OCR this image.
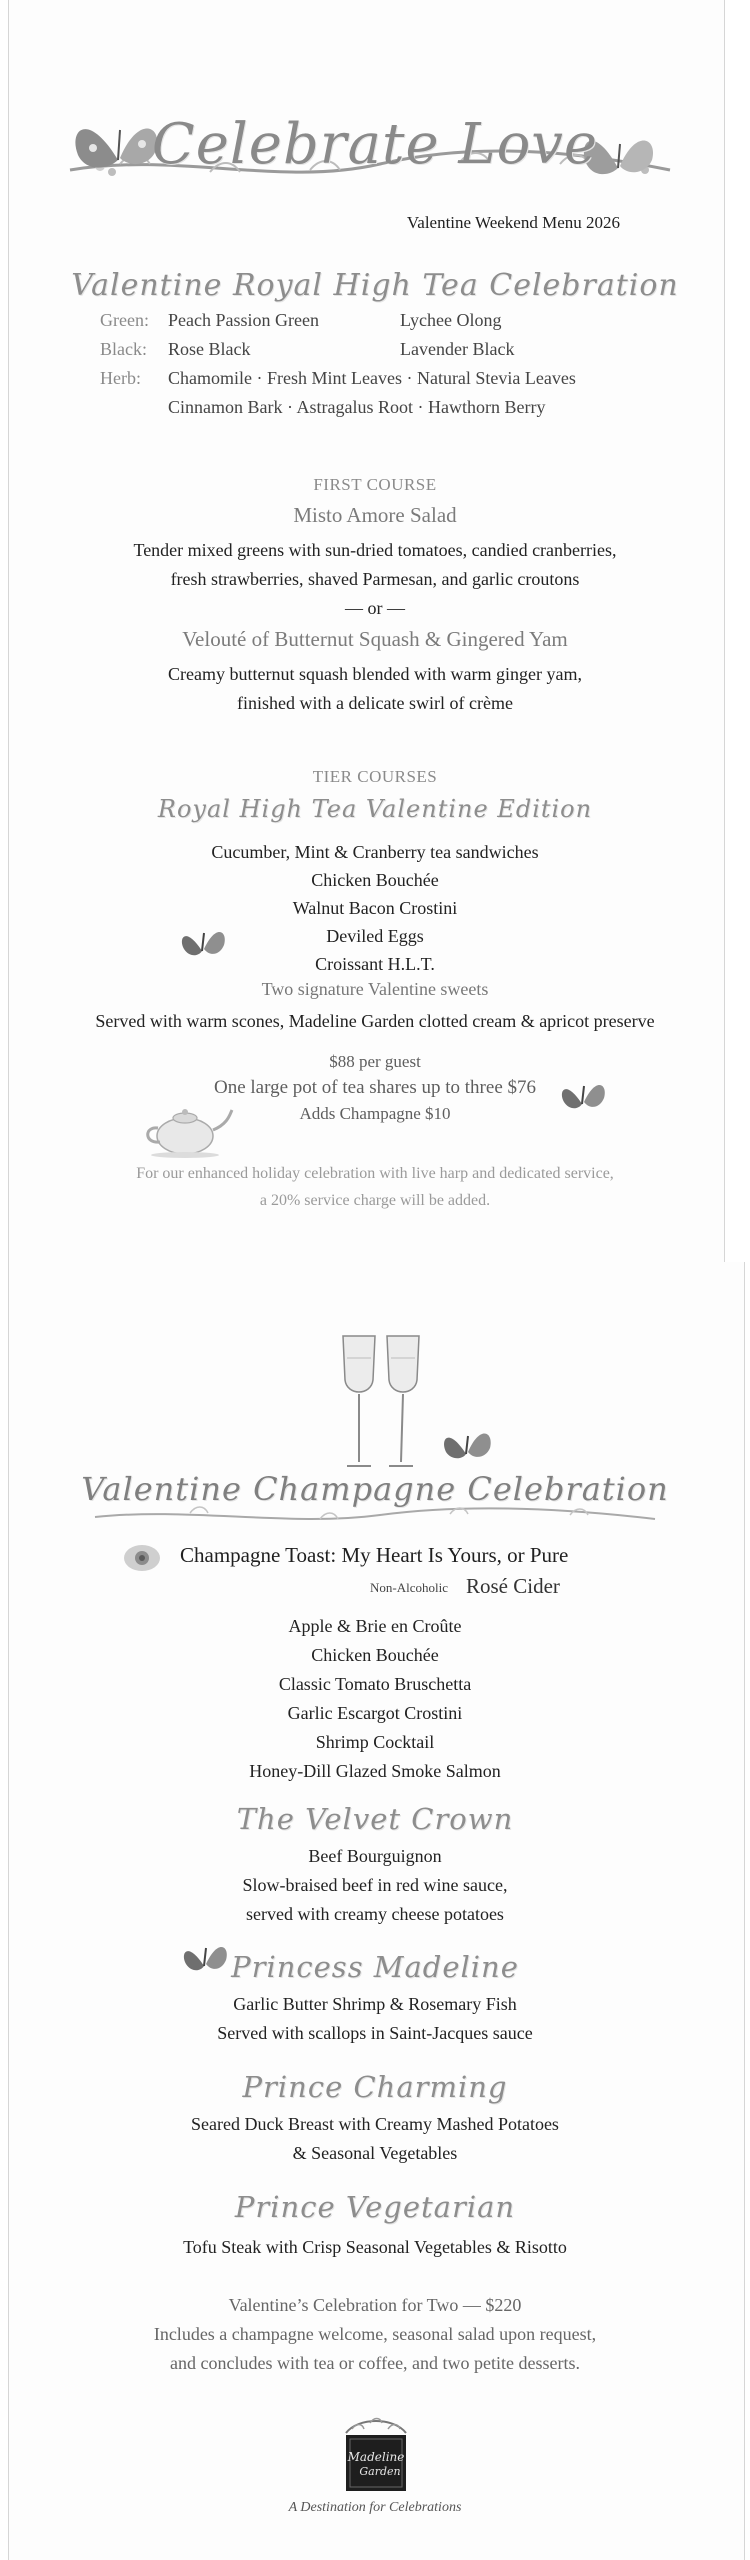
Celebrate Love
Valentine Weekend Menu 2026
Valentine Royal High Tea Celebration
Green: Peach Passion Green	Lychee Olong
Black: Rose Black	Lavender Black
Herb: Chamomile · Fresh Mint Leaves · Natural Stevia Leaves
Cinnamon Bark · Astragalus Root · Hawthorn Berry
FIRST COURSE
Misto Amore Salad
Tender mixed greens with sun-dried tomatoes, candied cranberries,
fresh strawberries, shaved Parmesan, and garlic croutons
— or —
Velouté of Butternut Squash & Gingered Yam
Creamy butternut squash blended with warm ginger yam,
finished with a delicate swirl of crème
TIER COURSES
Royal High Tea Valentine Edition
Cucumber, Mint & Cranberry tea sandwiches
Chicken Bouchée
Walnut Bacon Crostini
Deviled Eggs
Croissant H.L.T.
Two signature Valentine sweets
Served with warm scones, Madeline Garden clotted cream & apricot preserve
$88 per guest
One large pot of tea shares up to three $76
Adds Champagne $10
For our enhanced holiday celebration with live harp and dedicated service,
a 20% service charge will be added.
Valentine Champagne Celebration
Champagne Toast: My Heart Is Yours, or Pure
Non-Alcoholic Rosé Cider
Apple & Brie en Croûte
Chicken Bouchée
Classic Tomato Bruschetta
Garlic Escargot Crostini
Shrimp Cocktail
Honey-Dill Glazed Smoke Salmon
The Velvet Crown
Beef Bourguignon
Slow-braised beef in red wine sauce,
served with creamy cheese potatoes
Princess Madeline
Garlic Butter Shrimp & Rosemary Fish
Served with scallops in Saint-Jacques sauce
Prince Charming
Seared Duck Breast with Creamy Mashed Potatoes
& Seasonal Vegetables
Prince Vegetarian
Tofu Steak with Crisp Seasonal Vegetables & Risotto
Valentine’s Celebration for Two — $220
Includes a champagne welcome, seasonal salad upon request,
and concludes with tea or coffee, and two petite desserts.
Madeline
Garden
A Destination for Celebrations
